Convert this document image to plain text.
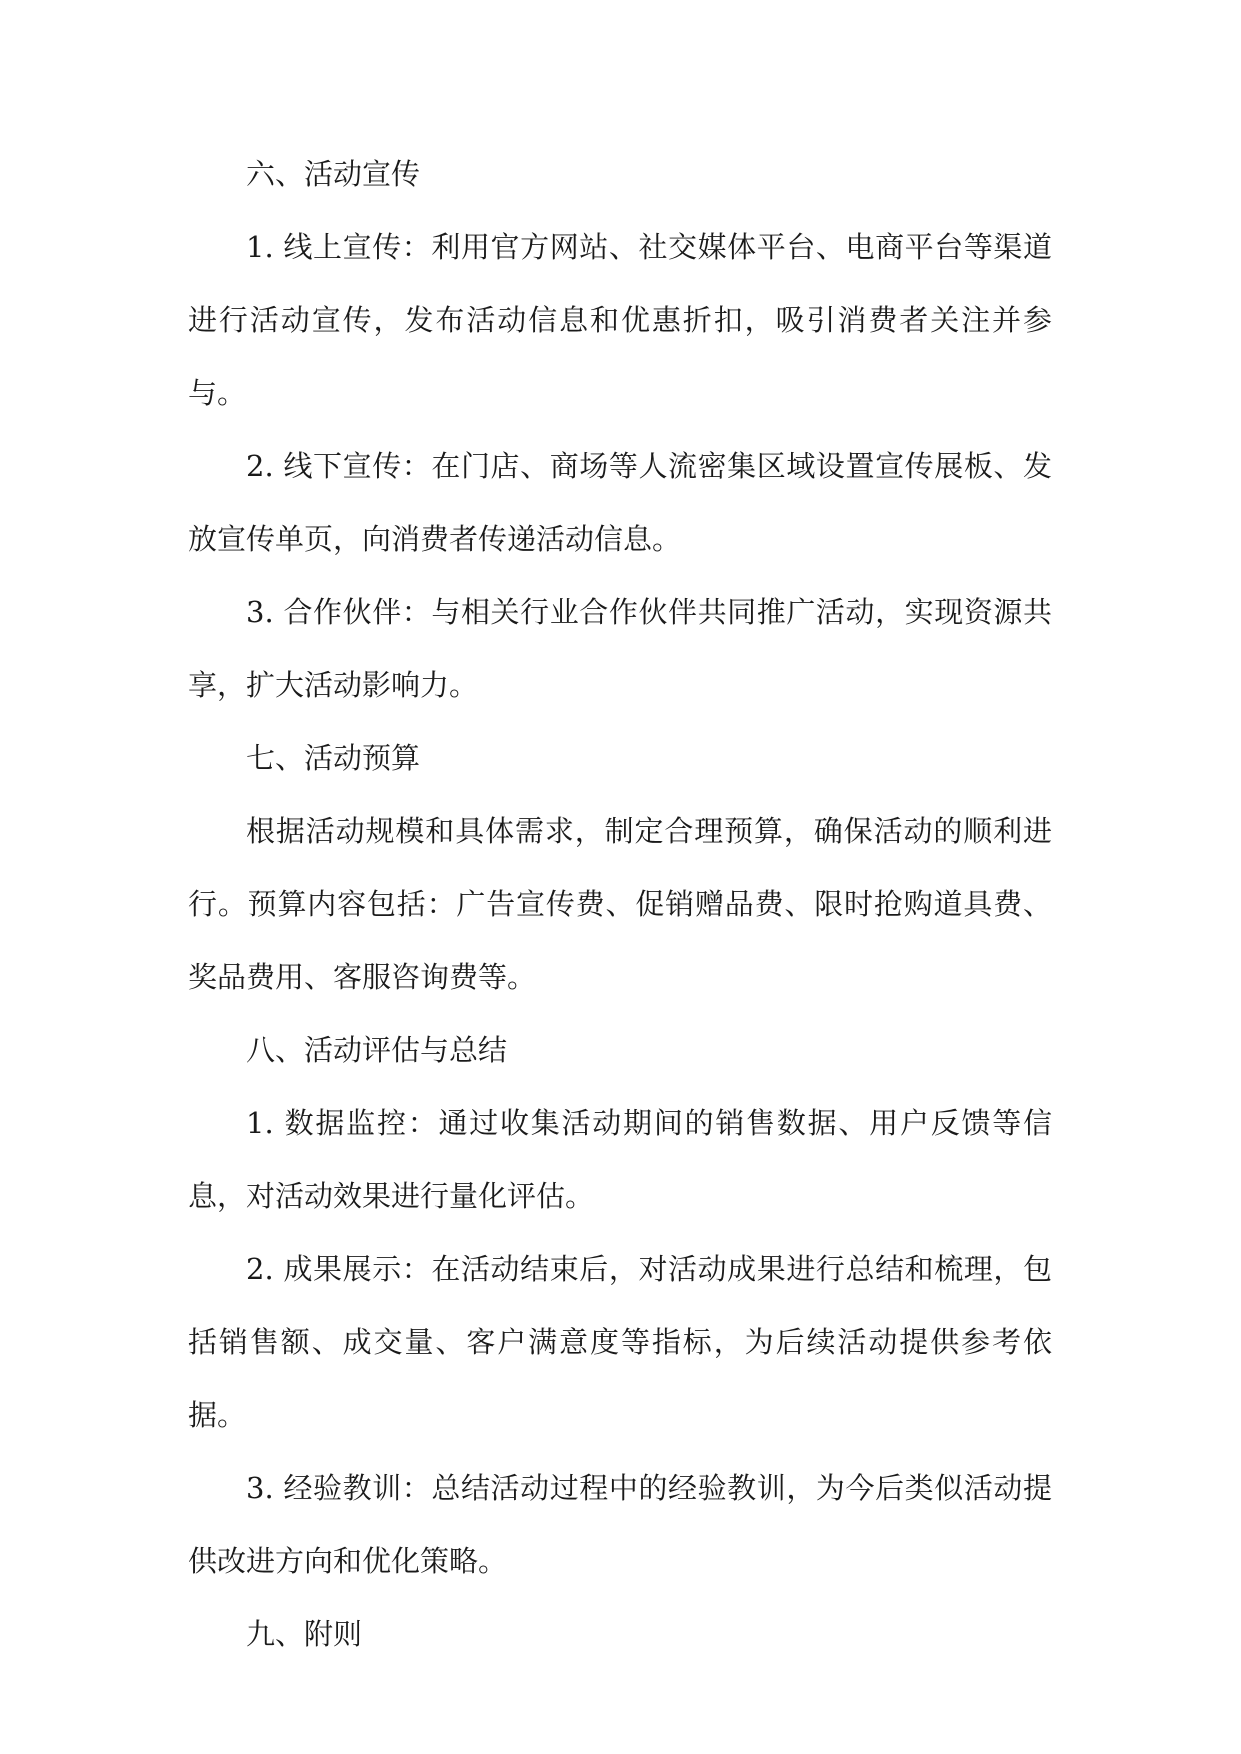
六、活动宣传

1. 线上宣传：利用官方网站、社交媒体平台、电商平台等渠道进行活动宣传，发布活动信息和优惠折扣，吸引消费者关注并参与。

2. 线下宣传：在门店、商场等人流密集区域设置宣传展板、发放宣传单页，向消费者传递活动信息。

3. 合作伙伴：与相关行业合作伙伴共同推广活动，实现资源共享，扩大活动影响力。

七、活动预算

根据活动规模和具体需求，制定合理预算，确保活动的顺利进行。预算内容包括：广告宣传费、促销赠品费、限时抢购道具费、奖品费用、客服咨询费等。

八、活动评估与总结

1. 数据监控：通过收集活动期间的销售数据、用户反馈等信息，对活动效果进行量化评估。

2. 成果展示：在活动结束后，对活动成果进行总结和梳理，包括销售额、成交量、客户满意度等指标，为后续活动提供参考依据。

3. 经验教训：总结活动过程中的经验教训，为今后类似活动提供改进方向和优化策略。

九、附则
